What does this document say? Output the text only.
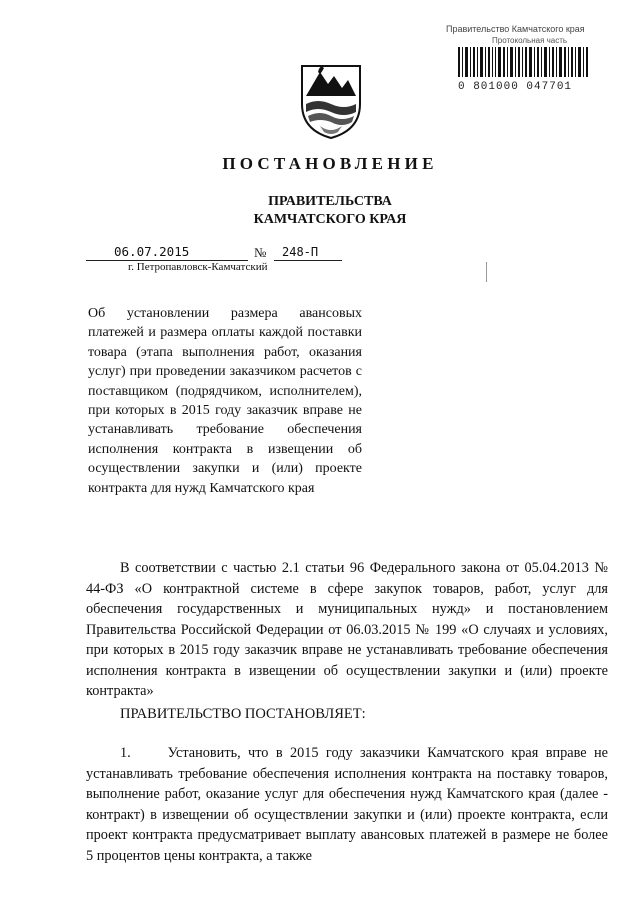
Правительство Камчатского края
Протокольная часть
0 801000 047701
ПОСТАНОВЛЕНИЕ
ПРАВИТЕЛЬСТВА
КАМЧАТСКОГО КРАЯ
06.07.2015	№ 248-П
г. Петропавловск-Камчатский
Об установлении размера авансовых платежей и размера оплаты каждой поставки товара (этапа выполнения работ, оказания услуг) при проведении заказчиком расчетов с поставщиком (подрядчиком, исполнителем), при которых в 2015 году заказчик вправе не устанавливать требование обеспечения исполнения контракта в извещении об осуществлении закупки и (или) проекте контракта для нужд Камчатского края
В соответствии с частью 2.1 статьи 96 Федерального закона от 05.04.2013 № 44-ФЗ «О контрактной системе в сфере закупок товаров, работ, услуг для обеспечения государственных и муниципальных нужд» и постановлением Правительства Российской Федерации от 06.03.2015 № 199 «О случаях и условиях, при которых в 2015 году заказчик вправе не устанавливать требование обеспечения исполнения контракта в извещении об осуществлении закупки и (или) проекте контракта»
ПРАВИТЕЛЬСТВО ПОСТАНОВЛЯЕТ:
1.     Установить, что в 2015 году заказчики Камчатского края вправе не устанавливать требование обеспечения исполнения контракта на поставку товаров, выполнение работ, оказание услуг для обеспечения нужд Камчатского края (далее - контракт) в извещении об осуществлении закупки и (или) проекте контракта, если проект контракта предусматривает выплату авансовых платежей в размере не более 5 процентов цены контракта, а также
